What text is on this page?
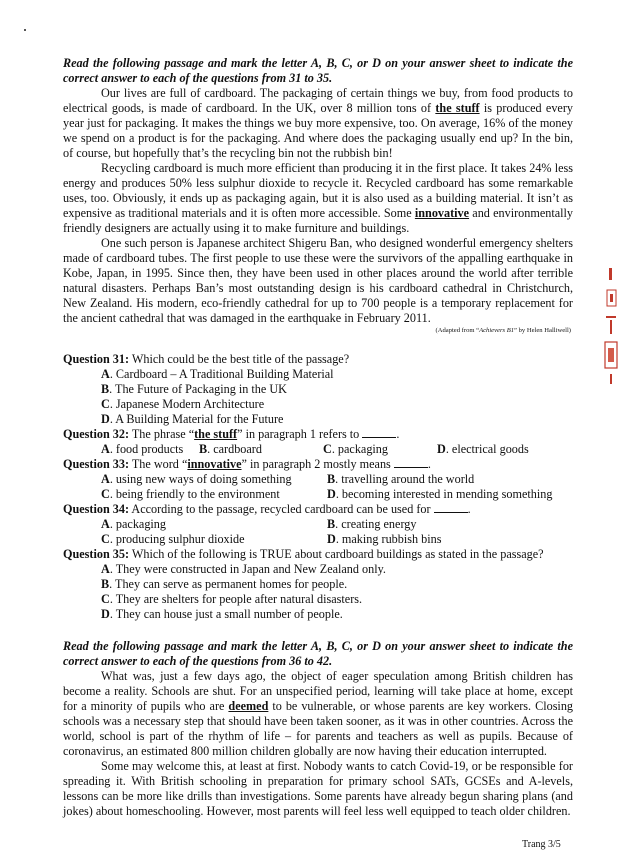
Read the following passage and mark the letter A, B, C, or D on your answer sheet to indicate the correct answer to each of the questions from 31 to 35.

Our lives are full of cardboard. The packaging of certain things we buy, from food products to electrical goods, is made of cardboard. In the UK, over 8 million tons of the stuff is produced every year just for packaging. It makes the things we buy more expensive, too. On average, 16% of the money we spend on a product is for the packaging. And where does the packaging usually end up? In the bin, of course, but hopefully that’s the recycling bin not the rubbish bin!

Recycling cardboard is much more efficient than producing it in the first place. It takes 24% less energy and produces 50% less sulphur dioxide to recycle it. Recycled cardboard has some remarkable uses, too. Obviously, it ends up as packaging again, but it is also used as a building material. It isn’t as expensive as traditional materials and it is often more accessible. Some innovative and environmentally friendly designers are actually using it to make furniture and buildings.

One such person is Japanese architect Shigeru Ban, who designed wonderful emergency shelters made of cardboard tubes. The first people to use these were the survivors of the appalling earthquake in Kobe, Japan, in 1995. Since then, they have been used in other places around the world after terrible natural disasters. Perhaps Ban’s most outstanding design is his cardboard cathedral in Christchurch, New Zealand. His modern, eco-friendly cathedral for up to 700 people is a temporary replacement for the ancient cathedral that was damaged in the earthquake in February 2011.

(Adapted from “Achievers B1” by Helen Halliwell)
Question 31: Which could be the best title of the passage?
A. Cardboard – A Traditional Building Material
B. The Future of Packaging in the UK
C. Japanese Modern Architecture
D. A Building Material for the Future
Question 32: The phrase “the stuff” in paragraph 1 refers to	.
A. food products	B. cardboard	C. packaging	D. electrical goods
Question 33: The word “innovative” in paragraph 2 mostly means	.
A. using new ways of doing something	B. travelling around the world
C. being friendly to the environment	D. becoming interested in mending something
Question 34: According to the passage, recycled cardboard can be used for	.
A. packaging	B. creating energy
C. producing sulphur dioxide	D. making rubbish bins
Question 35: Which of the following is TRUE about cardboard buildings as stated in the passage?
A. They were constructed in Japan and New Zealand only.
B. They can serve as permanent homes for people.
C. They are shelters for people after natural disasters.
D. They can house just a small number of people.

Read the following passage and mark the letter A, B, C, or D on your answer sheet to indicate the correct answer to each of the questions from 36 to 42.

What was, just a few days ago, the object of eager speculation among British children has become a reality. Schools are shut. For an unspecified period, learning will take place at home, except for a minority of pupils who are deemed to be vulnerable, or whose parents are key workers. Closing schools was a necessary step that should have been taken sooner, as it was in other countries. Across the world, school is part of the rhythm of life – for parents and teachers as well as pupils. Because of coronavirus, an estimated 800 million children globally are now having their education interrupted.

Some may welcome this, at least at first. Nobody wants to catch Covid-19, or be responsible for spreading it. With British schooling in preparation for primary school SATs, GCSEs and A-levels, lessons can be more like drills than investigations. Some parents have already begun sharing plans (and jokes) about homeschooling. However, most parents will feel less well equipped to teach older children.

Trang 3/5
